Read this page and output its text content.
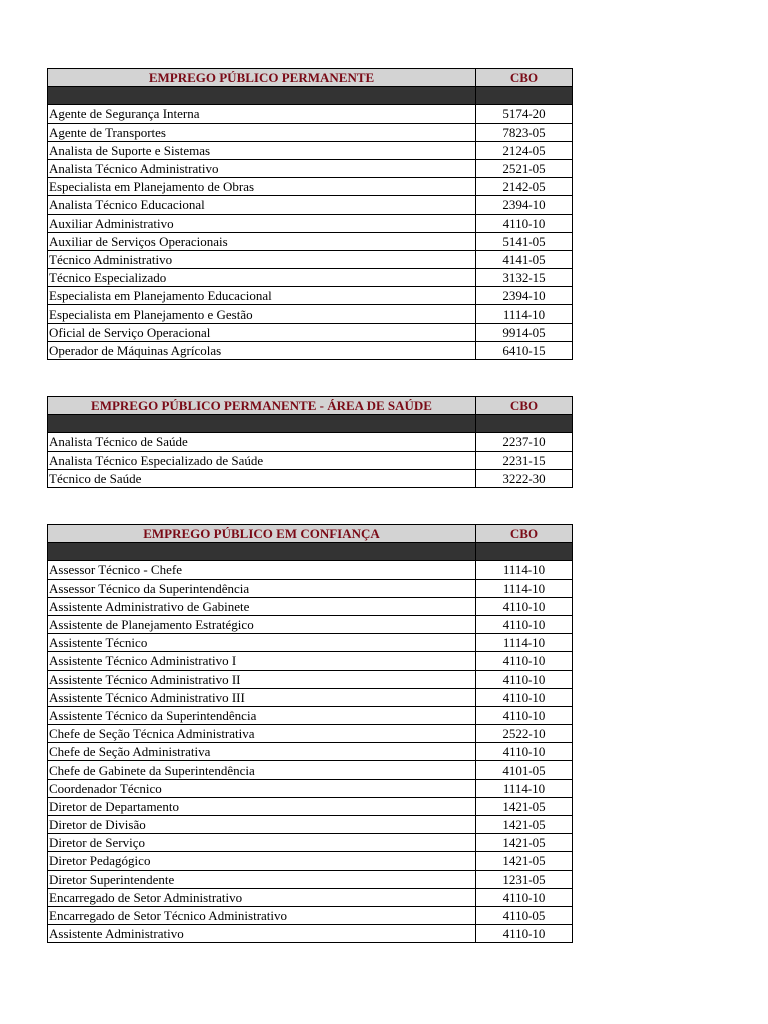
EMPREGO PÚBLICO PERMANENTE	CBO

Agente de Segurança Interna	5174-20
Agente de Transportes	7823-05
Analista de Suporte e Sistemas	2124-05
Analista Técnico Administrativo	2521-05
Especialista em Planejamento de Obras	2142-05
Analista Técnico Educacional	2394-10
Auxiliar Administrativo	4110-10
Auxiliar de Serviços Operacionais	5141-05
Técnico Administrativo	4141-05
Técnico Especializado	3132-15
Especialista em Planejamento Educacional	2394-10
Especialista em Planejamento e Gestão	1114-10
Oficial de Serviço Operacional	9914-05
Operador de Máquinas Agrícolas	6410-15
EMPREGO PÚBLICO PERMANENTE - ÁREA DE SAÚDE	CBO

Analista Técnico de Saúde	2237-10
Analista Técnico Especializado de Saúde	2231-15
Técnico de Saúde	3222-30
EMPREGO PÚBLICO EM CONFIANÇA	CBO

Assessor Técnico - Chefe	1114-10
Assessor Técnico da Superintendência	1114-10
Assistente Administrativo de Gabinete	4110-10
Assistente de Planejamento Estratégico	4110-10
Assistente Técnico	1114-10
Assistente Técnico Administrativo I	4110-10
Assistente Técnico Administrativo II	4110-10
Assistente Técnico Administrativo III	4110-10
Assistente Técnico da Superintendência	4110-10
Chefe de Seção Técnica Administrativa	2522-10
Chefe de Seção Administrativa	4110-10
Chefe de Gabinete da Superintendência	4101-05
Coordenador Técnico	1114-10
Diretor de Departamento	1421-05
Diretor de Divisão	1421-05
Diretor de Serviço	1421-05
Diretor Pedagógico	1421-05
Diretor Superintendente	1231-05
Encarregado de Setor Administrativo	4110-10
Encarregado de Setor Técnico Administrativo	4110-05
Assistente Administrativo	4110-10
